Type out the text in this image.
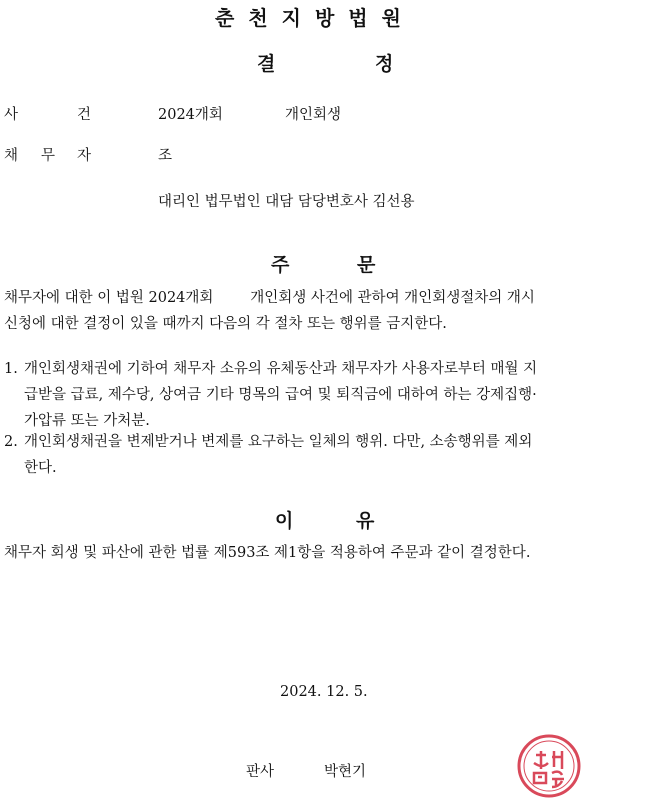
춘천지방법원
결	정
사	건	2024개회	개인회생
채 무 자	조
대리인 법무법인 대담 담당변호사 김선용
주	문
채무자에 대한 이 법원 2024개회        개인회생 사건에 관하여 개인회생절차의 개시
신청에 대한 결정이 있을 때까지 다음의 각 절차 또는 행위를 금지한다.
1. 개인회생채권에 기하여 채무자 소유의 유체동산과 채무자가 사용자로부터 매월 지
급받을 급료, 제수당, 상여금 기타 명목의 급여 및 퇴직금에 대하여 하는 강제집행·
가압류 또는 가처분.
2. 개인회생채권을 변제받거나 변제를 요구하는 일체의 행위. 다만, 소송행위를 제외
한다.
이	유
채무자 회생 및 파산에 관한 법률 제593조 제1항을 적용하여 주문과 같이 결정한다.
2024. 12. 5.
판사	박현기
